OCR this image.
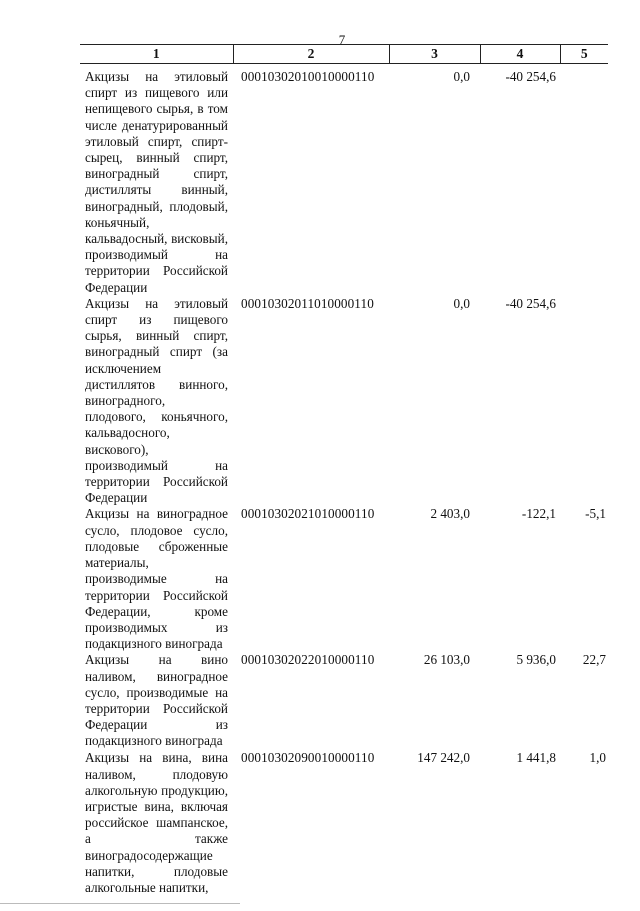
7
1	2	3	4	5
Акцизы на этиловый спирт из пищевого или непищевого сырья, в том числе денатурированный этиловый спирт, спирт-сырец, винный спирт, виноградный спирт, дистилляты винный, виноградный, плодовый, коньячный, кальвадосный, висковый, производимый на территории Российской Федерации	00010302010010000110	0,0	-40 254,6	
Акцизы на этиловый спирт из пищевого сырья, винный спирт, виноградный спирт (за исключением дистиллятов винного, виноградного, плодового, коньячного, кальвадосного, вискового), производимый на территории Российской Федерации	00010302011010000110	0,0	-40 254,6	
Акцизы на виноградное сусло, плодовое сусло, плодовые сброженные материалы, производимые на территории Российской Федерации, кроме производимых из подакцизного винограда	00010302021010000110	2 403,0	-122,1	-5,1
Акцизы на вино наливом, виноградное сусло, производимые на территории Российской Федерации из подакцизного винограда	00010302022010000110	26 103,0	5 936,0	22,7
Акцизы на вина, вина наливом, плодовую алкогольную продукцию, игристые вина, включая российское шампанское, а также виноградосодержащие напитки, плодовые алкогольные напитки,	00010302090010000110	147 242,0	1 441,8	1,0
